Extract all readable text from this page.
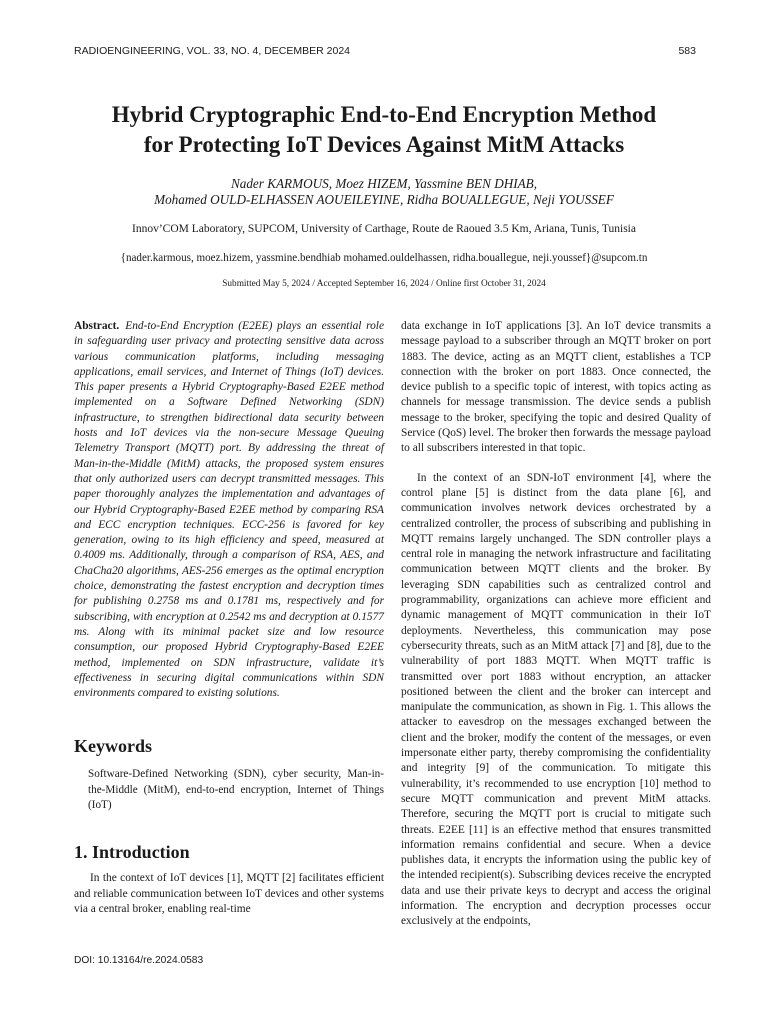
RADIOENGINEERING, VOL. 33, NO. 4, DECEMBER 2024	583
Hybrid Cryptographic End-to-End Encryption Method
for Protecting IoT Devices Against MitM Attacks
Nader KARMOUS, Moez HIZEM, Yassmine BEN DHIAB,
Mohamed OULD-ELHASSEN AOUEILEYINE, Ridha BOUALLEGUE, Neji YOUSSEF
Innov’COM Laboratory, SUPCOM, University of Carthage, Route de Raoued 3.5 Km, Ariana, Tunis, Tunisia
{nader.karmous, moez.hizem, yassmine.bendhiab mohamed.ouldelhassen, ridha.bouallegue, neji.youssef}@supcom.tn
Submitted May 5, 2024 / Accepted September 16, 2024 / Online first October 31, 2024

Abstract. End-to-End Encryption (E2EE) plays an essential role in safeguarding user privacy and protecting sensitive data across various communication platforms, including messaging applications, email services, and Internet of Things (IoT) devices. This paper presents a Hybrid Cryptography-Based E2EE method implemented on a Software Defined Networking (SDN) infrastructure, to strengthen bidirectional data security between hosts and IoT devices via the non-secure Message Queuing Telemetry Transport (MQTT) port. By addressing the threat of Man-in-the-Middle (MitM) attacks, the proposed system ensures that only authorized users can decrypt transmitted messages. This paper thoroughly analyzes the implementation and advantages of our Hybrid Cryptography-Based E2EE method by comparing RSA and ECC encryption techniques. ECC-256 is favored for key generation, owing to its high efficiency and speed, measured at 0.4009 ms. Additionally, through a comparison of RSA, AES, and ChaCha20 algorithms, AES-256 emerges as the optimal encryption choice, demonstrating the fastest encryption and decryption times for publishing 0.2758 ms and 0.1781 ms, respectively and for subscribing, with encryption at 0.2542 ms and decryption at 0.1577 ms. Along with its minimal packet size and low resource consumption, our proposed Hybrid Cryptography-Based E2EE method, implemented on SDN infrastructure, validate it’s effectiveness in securing digital communications within SDN environments compared to existing solutions.

Keywords

Software-Defined Networking (SDN), cyber security, Man-in-the-Middle (MitM), end-to-end encryption, Internet of Things (IoT)

1. Introduction

In the context of IoT devices [1], MQTT [2] facilitates efficient and reliable communication between IoT devices and other systems via a central broker, enabling real-time

data exchange in IoT applications [3]. An IoT device transmits a message payload to a subscriber through an MQTT broker on port 1883. The device, acting as an MQTT client, establishes a TCP connection with the broker on port 1883. Once connected, the device publish to a specific topic of interest, with topics acting as channels for message transmission. The device sends a publish message to the broker, specifying the topic and desired Quality of Service (QoS) level. The broker then forwards the message payload to all subscribers interested in that topic.

In the context of an SDN-IoT environment [4], where the control plane [5] is distinct from the data plane [6], and communication involves network devices orchestrated by a centralized controller, the process of subscribing and publishing in MQTT remains largely unchanged. The SDN controller plays a central role in managing the network infrastructure and facilitating communication between MQTT clients and the broker. By leveraging SDN capabilities such as centralized control and programmability, organizations can achieve more efficient and dynamic management of MQTT communication in their IoT deployments. Nevertheless, this communication may pose cybersecurity threats, such as an MitM attack [7] and [8], due to the vulnerability of port 1883 MQTT. When MQTT traffic is transmitted over port 1883 without encryption, an attacker positioned between the client and the broker can intercept and manipulate the communication, as shown in Fig. 1. This allows the attacker to eavesdrop on the messages exchanged between the client and the broker, modify the content of the messages, or even impersonate either party, thereby compromising the confidentiality and integrity [9] of the communication. To mitigate this vulnerability, it’s recommended to use encryption [10] method to secure MQTT communication and prevent MitM attacks. Therefore, securing the MQTT port is crucial to mitigate such threats. E2EE [11] is an effective method that ensures transmitted information remains confidential and secure. When a device publishes data, it encrypts the information using the public key of the intended recipient(s). Subscribing devices receive the encrypted data and use their private keys to decrypt and access the original information. The encryption and decryption processes occur exclusively at the endpoints,

DOI: 10.13164/re.2024.0583
